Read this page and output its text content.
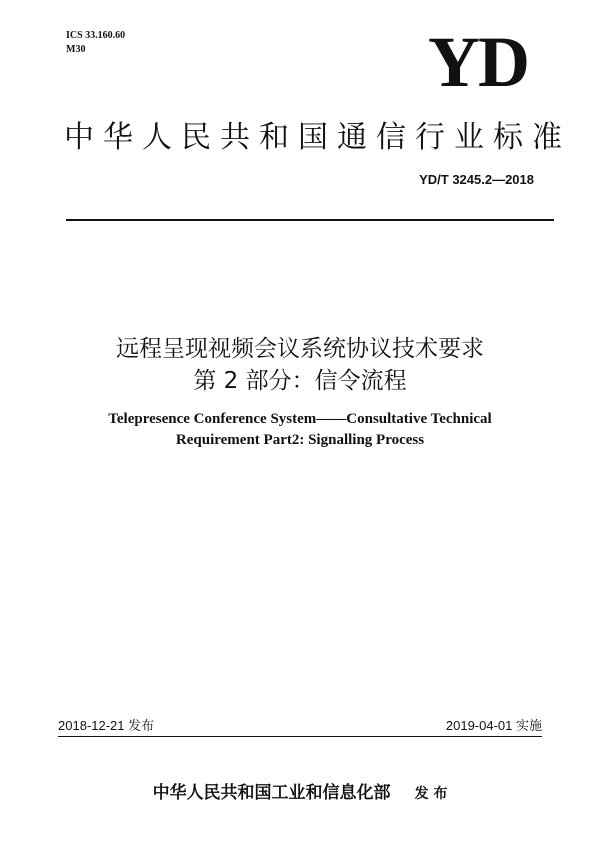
ICS 33.160.60
M30	YD
中华人民共和国通信行业标准
YD/T 3245.2—2018
远程呈现视频会议系统协议技术要求
第 2 部分：信令流程
Telepresence Conference System——Consultative Technical
Requirement Part2: Signalling Process
2018-12-21 发布	2019-04-01 实施
中华人民共和国工业和信息化部 发 布
